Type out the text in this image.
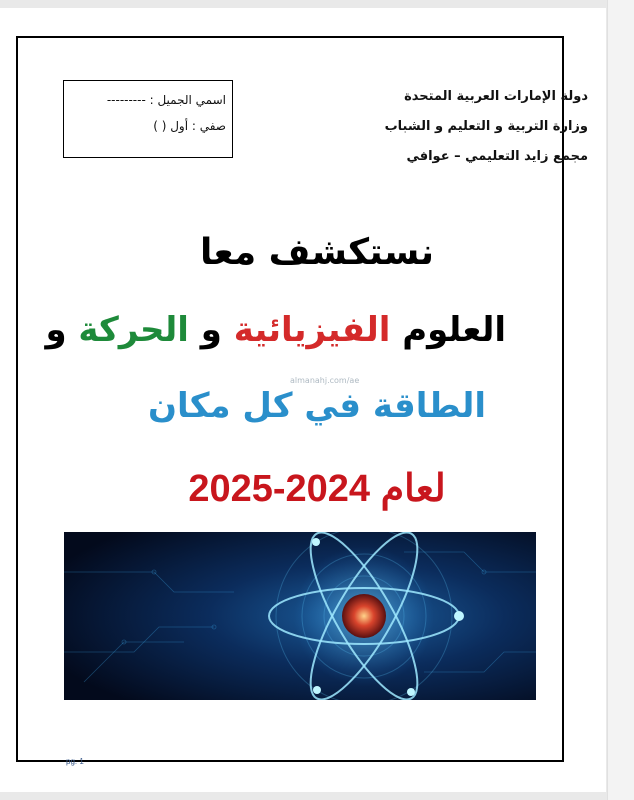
دولة الإمارات العربية المتحدة
وزارة التربية و التعليم و الشباب
مجمع زايد التعليمي – عوافي
اسمي الجميل : ---------
صفي : أول ( )
نستكشف معا
العلوم الفيزيائية و الحركة و
almanahj.com/ae
الطاقة في كل مكان
2025-2024 لعام
pg. 1
